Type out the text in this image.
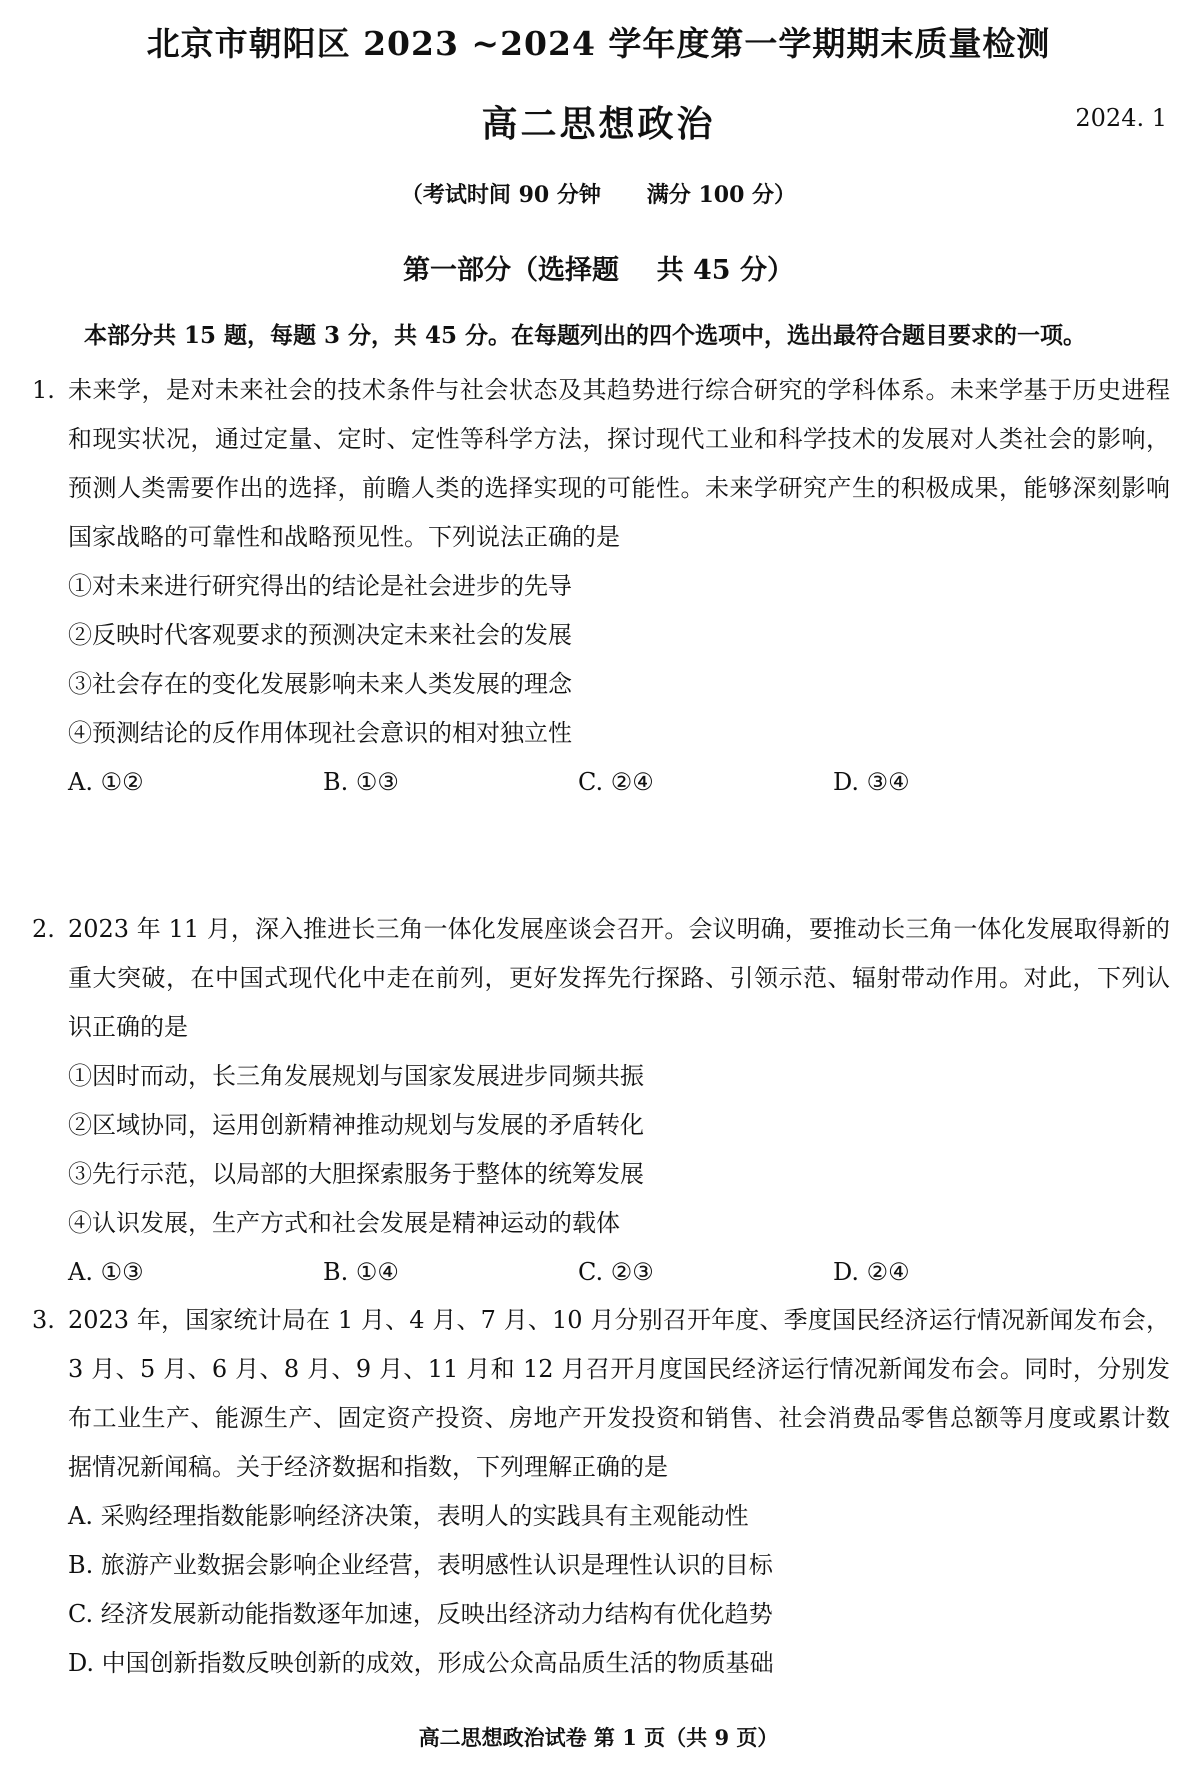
北京市朝阳区 2023 ~2024 学年度第一学期期末质量检测
高二思想政治	2024. 1
（考试时间 90 分钟      满分 100 分）
第一部分（选择题    共 45 分）
本部分共 15 题，每题 3 分，共 45 分。在每题列出的四个选项中，选出最符合题目要求的一项。
1. 未来学，是对未来社会的技术条件与社会状态及其趋势进行综合研究的学科体系。未来学基于历史进程和现实状况，通过定量、定时、定性等科学方法，探讨现代工业和科学技术的发展对人类社会的影响，预测人类需要作出的选择，前瞻人类的选择实现的可能性。未来学研究产生的积极成果，能够深刻影响国家战略的可靠性和战略预见性。下列说法正确的是
①对未来进行研究得出的结论是社会进步的先导
②反映时代客观要求的预测决定未来社会的发展
③社会存在的变化发展影响未来人类发展的理念
④预测结论的反作用体现社会意识的相对独立性
A. ①②	B. ①③	C. ②④	D. ③④
2. 2023 年 11 月，深入推进长三角一体化发展座谈会召开。会议明确，要推动长三角一体化发展取得新的重大突破，在中国式现代化中走在前列，更好发挥先行探路、引领示范、辐射带动作用。对此，下列认识正确的是
①因时而动，长三角发展规划与国家发展进步同频共振
②区域协同，运用创新精神推动规划与发展的矛盾转化
③先行示范，以局部的大胆探索服务于整体的统筹发展
④认识发展，生产方式和社会发展是精神运动的载体
A. ①③	B. ①④	C. ②③	D. ②④
3. 2023 年，国家统计局在 1 月、4 月、7 月、10 月分别召开年度、季度国民经济运行情况新闻发布会，3 月、5 月、6 月、8 月、9 月、11 月和 12 月召开月度国民经济运行情况新闻发布会。同时，分别发布工业生产、能源生产、固定资产投资、房地产开发投资和销售、社会消费品零售总额等月度或累计数据情况新闻稿。关于经济数据和指数，下列理解正确的是
A. 采购经理指数能影响经济决策，表明人的实践具有主观能动性
B. 旅游产业数据会影响企业经营，表明感性认识是理性认识的目标
C. 经济发展新动能指数逐年加速，反映出经济动力结构有优化趋势
D. 中国创新指数反映创新的成效，形成公众高品质生活的物质基础
高二思想政治试卷 第 1 页（共 9 页）
